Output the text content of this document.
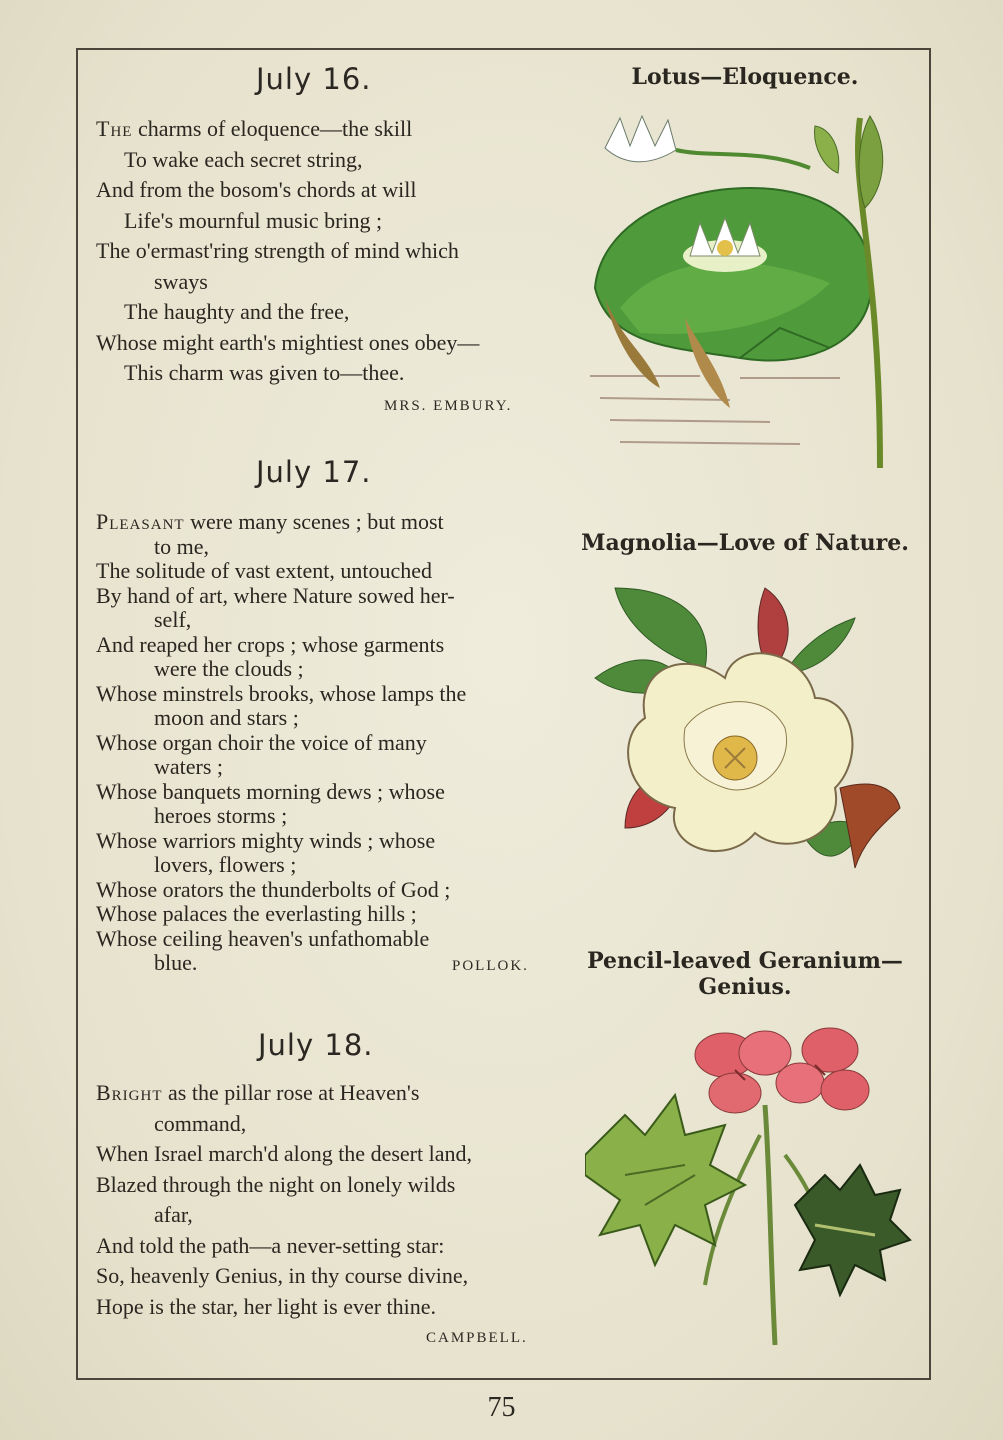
July 16.
The charms of eloquence—the skill
To wake each secret string,
And from the bosom's chords at will
Life's mournful music bring ;
The o'ermast'ring strength of mind which
sways
The haughty and the free,
Whose might earth's mightiest ones obey—
This charm was given to—thee.
MRS. EMBURY.
July 17.
Pleasant were many scenes ; but most
to me,
The solitude of vast extent, untouched
By hand of art, where Nature sowed her-
self,
And reaped her crops ; whose garments
were the clouds ;
Whose minstrels brooks, whose lamps the
moon and stars ;
Whose organ choir the voice of many
waters ;
Whose banquets morning dews ; whose
heroes storms ;
Whose warriors mighty winds ; whose
lovers, flowers ;
Whose orators the thunderbolts of God ;
Whose palaces the everlasting hills ;
Whose ceiling heaven's unfathomable
blue.	POLLOK.
July 18.
Bright as the pillar rose at Heaven's
command,
When Israel march'd along the desert land,
Blazed through the night on lonely wilds
afar,
And told the path—a never-setting star:
So, heavenly Genius, in thy course divine,
Hope is the star, her light is ever thine.
CAMPBELL.
Lotus—Eloquence.
Magnolia—Love of Nature.
Pencil-leaved Geranium—
Genius.
75
